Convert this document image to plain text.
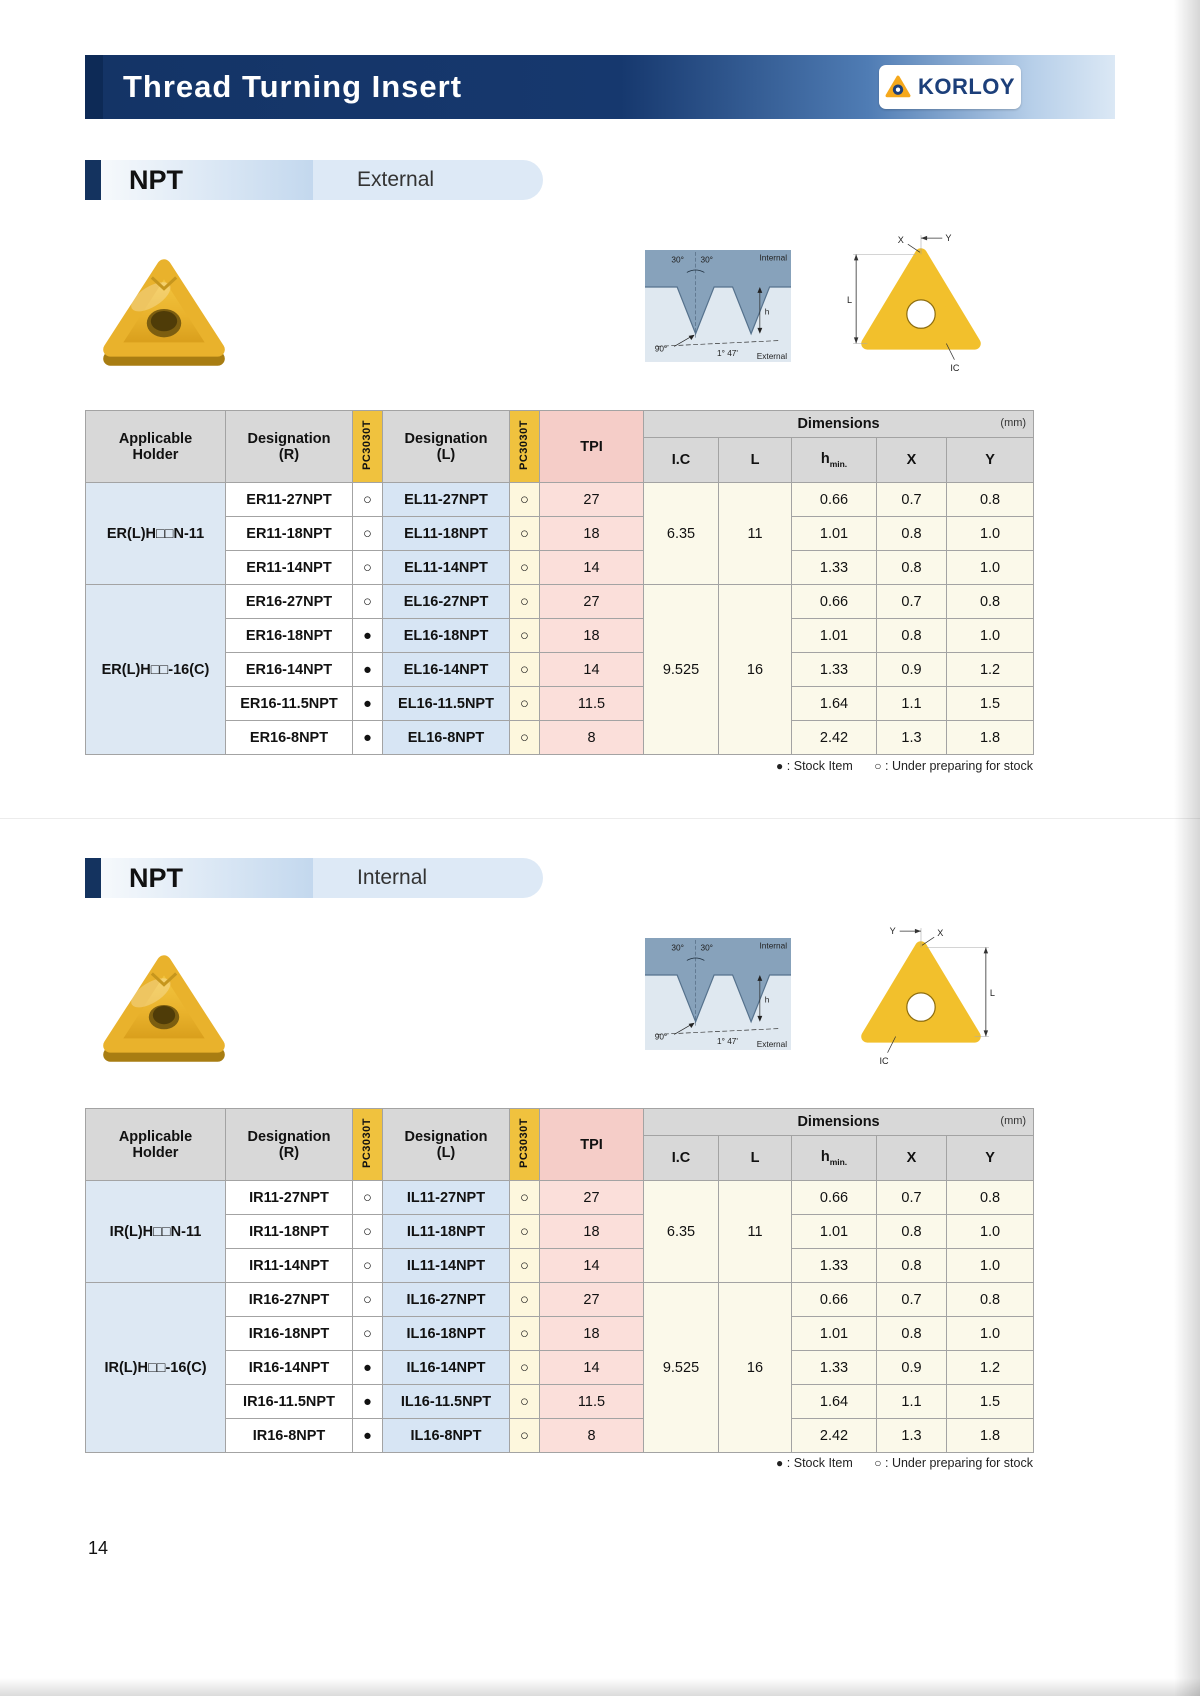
Thread Turning Insert	KORLOY
NPT	External
30° 30°
h
90°
1° 47'
Internal
External
Y
X
L
IC
Applicable
Holder

Designation
(R)	PC3030T	Designation
(L)	PC3030T	TPI	Dimensions	(mm)

						I.C	L	$h_{min.}$	X	Y
ER(L)H□□N-11	ER11-27NPT	○	EL11-27NPT	○	27	6.35	11	0.66	0.7	0.8
	ER11-18NPT	○	EL11-18NPT	○	18			1.01	0.8	1.0
	ER11-14NPT	○	EL11-14NPT	○	14			1.33	0.8	1.0
ER(L)H□□-16(C)	ER16-27NPT	○	EL16-27NPT	○	27	9.525	16	0.66	0.7	0.8
	ER16-18NPT	●	EL16-18NPT	○	18			1.01	0.8	1.0
	ER16-14NPT	●	EL16-14NPT	○	14			1.33	0.9	1.2
	ER16-11.5NPT	●	EL16-11.5NPT	○	11.5			1.64	1.1	1.5
	ER16-8NPT	●	EL16-8NPT	○	8			2.42	1.3	1.8
● : Stock Item ○ : Under preparing for stock
NPT	Internal
30° 30°
h
90°
1° 47'
Internal
External
Y	X
L
IC
Applicable
Holder

Designation
(R)	PC3030T	Designation
(L)	PC3030T	TPI	Dimensions	(mm)

						I.C	L	$h_{min.}$	X	Y
IR(L)H□□N-11	IR11-27NPT	○	IL11-27NPT	○	27	6.35	11	0.66	0.7	0.8
	IR11-18NPT	○	IL11-18NPT	○	18			1.01	0.8	1.0
	IR11-14NPT	○	IL11-14NPT	○	14			1.33	0.8	1.0
IR(L)H□□-16(C)	IR16-27NPT	○	IL16-27NPT	○	27	9.525	16	0.66	0.7	0.8
	IR16-18NPT	○	IL16-18NPT	○	18			1.01	0.8	1.0
	IR16-14NPT	●	IL16-14NPT	○	14			1.33	0.9	1.2
	IR16-11.5NPT	●	IL16-11.5NPT	○	11.5			1.64	1.1	1.5
	IR16-8NPT	●	IL16-8NPT	○	8			2.42	1.3	1.8
● : Stock Item ○ : Under preparing for stock
14
